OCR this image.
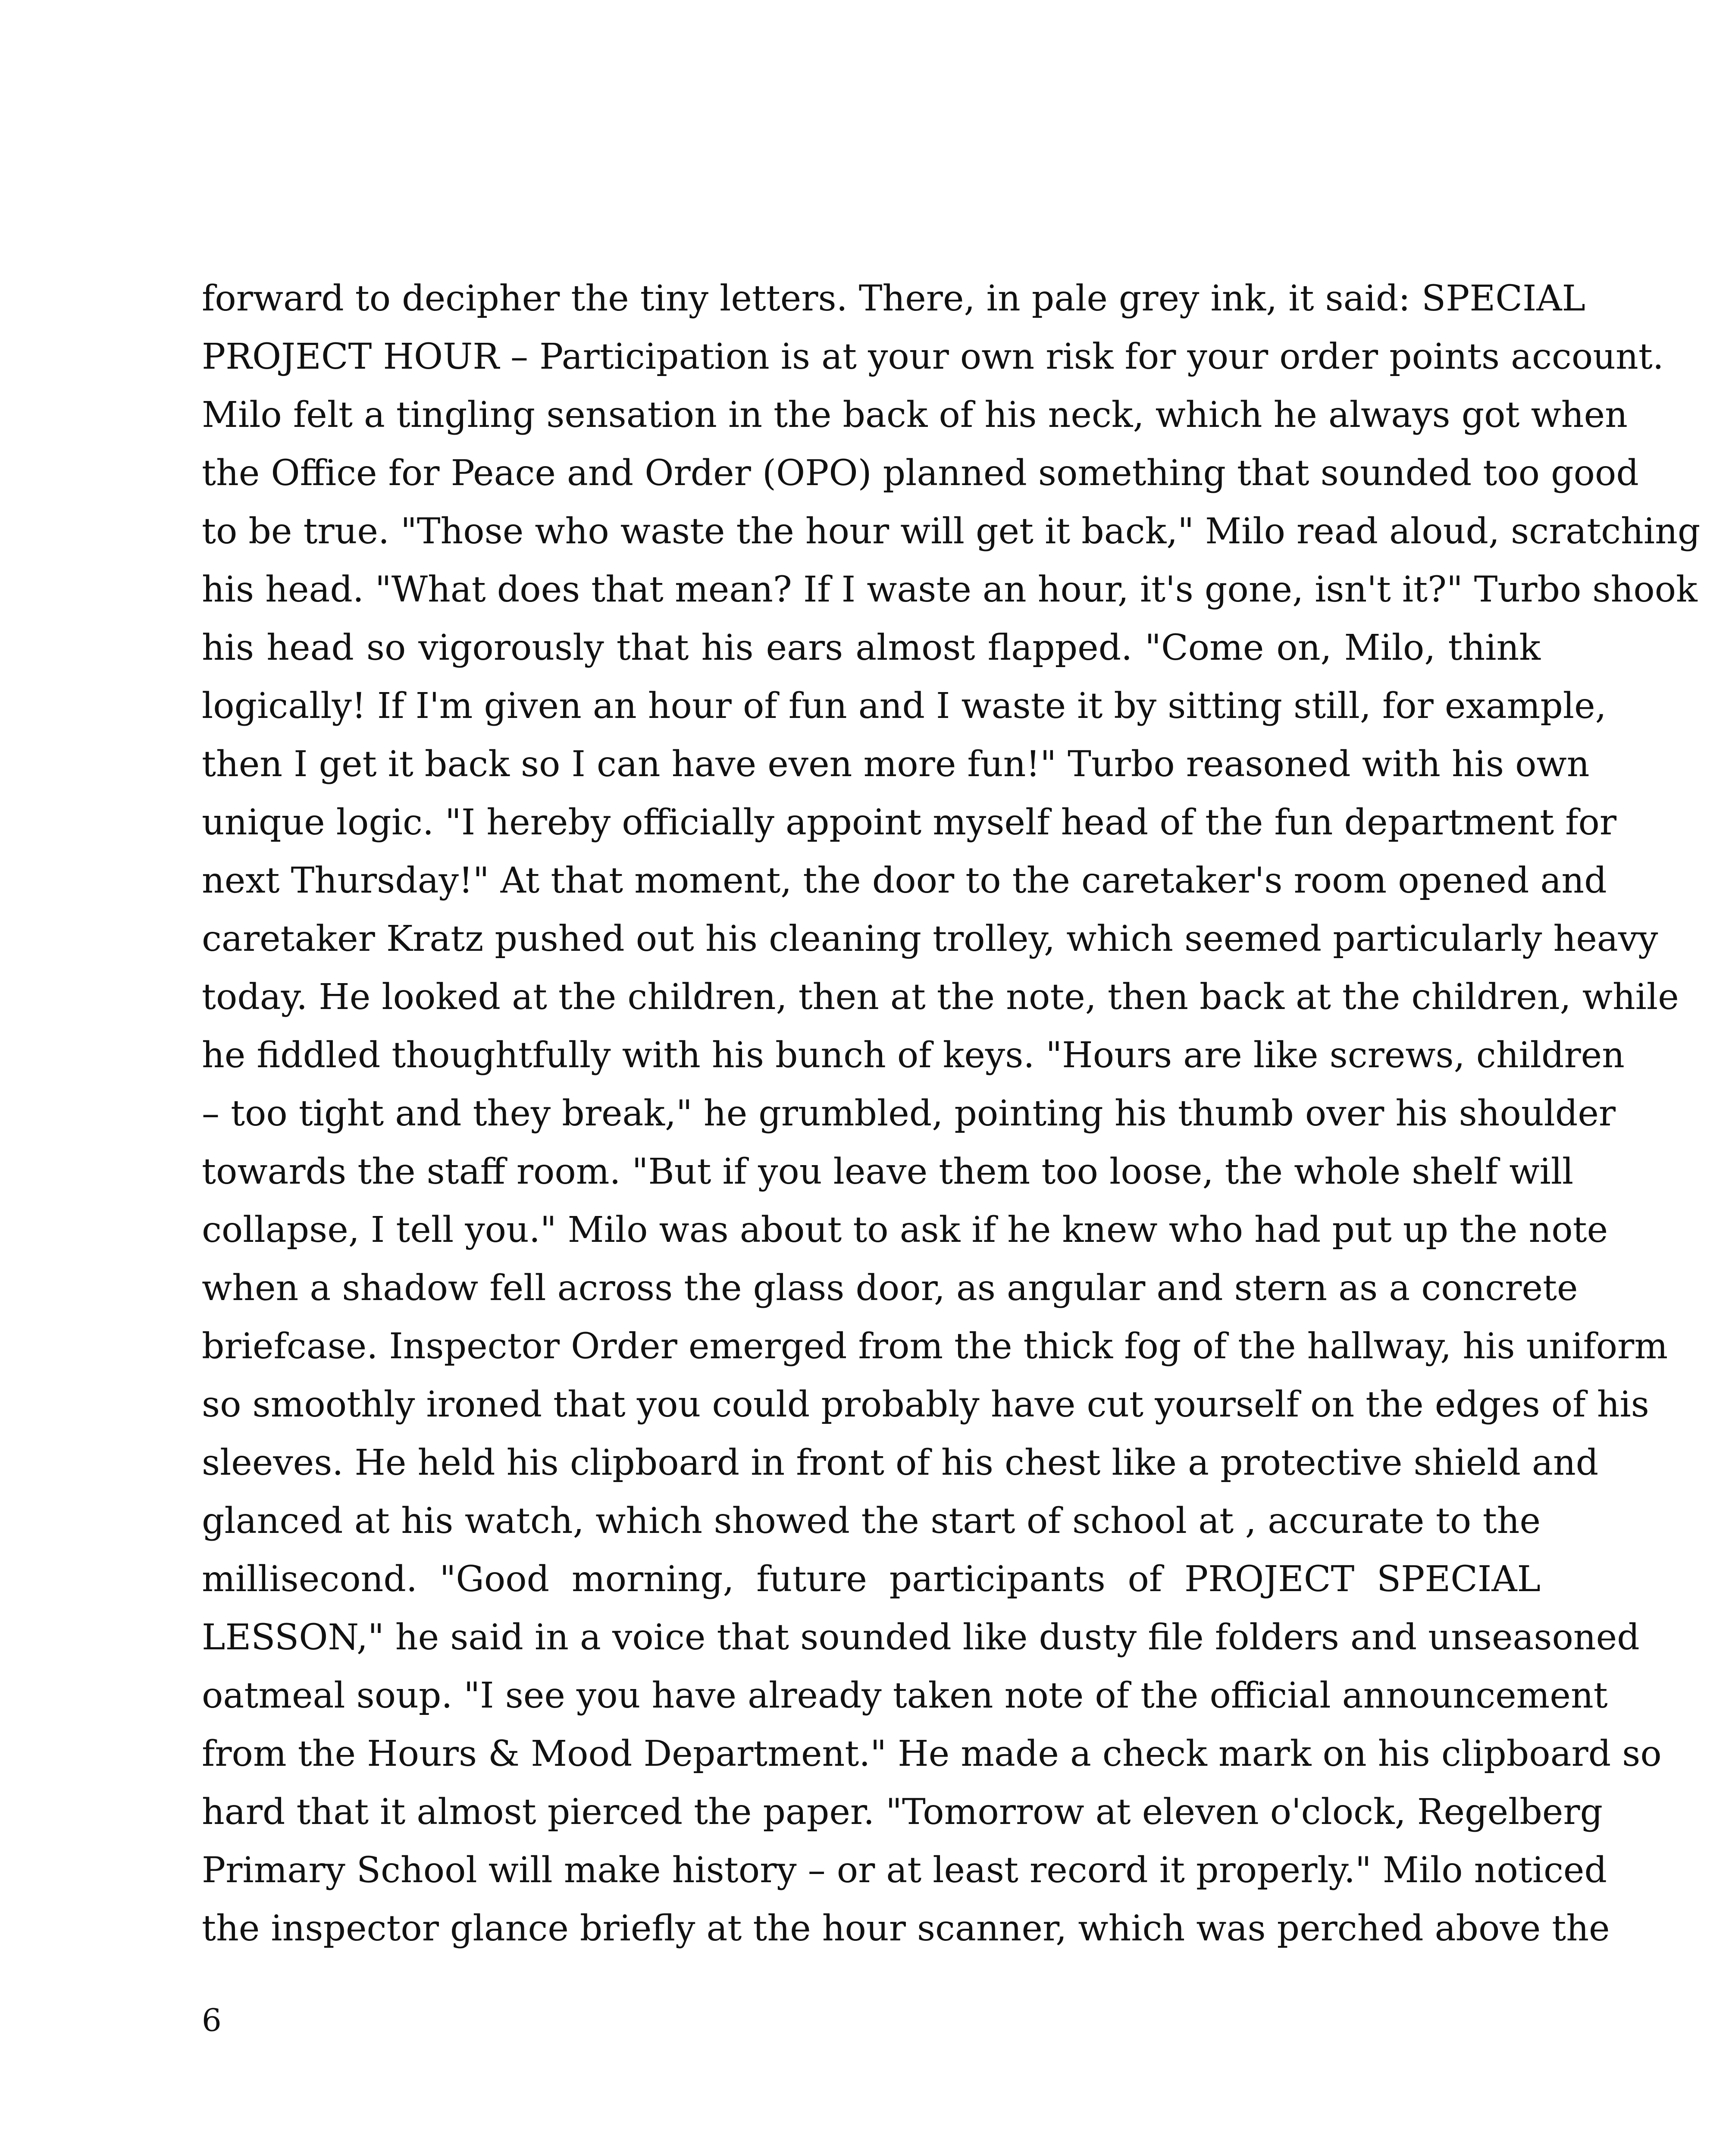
forward to decipher the tiny letters. There, in pale grey ink, it said: SPECIAL
PROJECT HOUR – Participation is at your own risk for your order points account.
Milo felt a tingling sensation in the back of his neck, which he always got when
the Office for Peace and Order (OPO) planned something that sounded too good
to be true. "Those who waste the hour will get it back," Milo read aloud, scratching
his head. "What does that mean? If I waste an hour, it's gone, isn't it?" Turbo shook
his head so vigorously that his ears almost flapped. "Come on, Milo, think
logically! If I'm given an hour of fun and I waste it by sitting still, for example,
then I get it back so I can have even more fun!" Turbo reasoned with his own
unique logic. "I hereby officially appoint myself head of the fun department for
next Thursday!" At that moment, the door to the caretaker's room opened and
caretaker Kratz pushed out his cleaning trolley, which seemed particularly heavy
today. He looked at the children, then at the note, then back at the children, while
he fiddled thoughtfully with his bunch of keys. "Hours are like screws, children
– too tight and they break," he grumbled, pointing his thumb over his shoulder
towards the staff room. "But if you leave them too loose, the whole shelf will
collapse, I tell you." Milo was about to ask if he knew who had put up the note
when a shadow fell across the glass door, as angular and stern as a concrete
briefcase. Inspector Order emerged from the thick fog of the hallway, his uniform
so smoothly ironed that you could probably have cut yourself on the edges of his
sleeves. He held his clipboard in front of his chest like a protective shield and
glanced at his watch, which showed the start of school at , accurate to the
millisecond. "Good morning, future participants of PROJECT SPECIAL
LESSON," he said in a voice that sounded like dusty file folders and unseasoned
oatmeal soup. "I see you have already taken note of the official announcement
from the Hours & Mood Department." He made a check mark on his clipboard so
hard that it almost pierced the paper. "Tomorrow at eleven o'clock, Regelberg
Primary School will make history – or at least record it properly." Milo noticed
the inspector glance briefly at the hour scanner, which was perched above the
6
